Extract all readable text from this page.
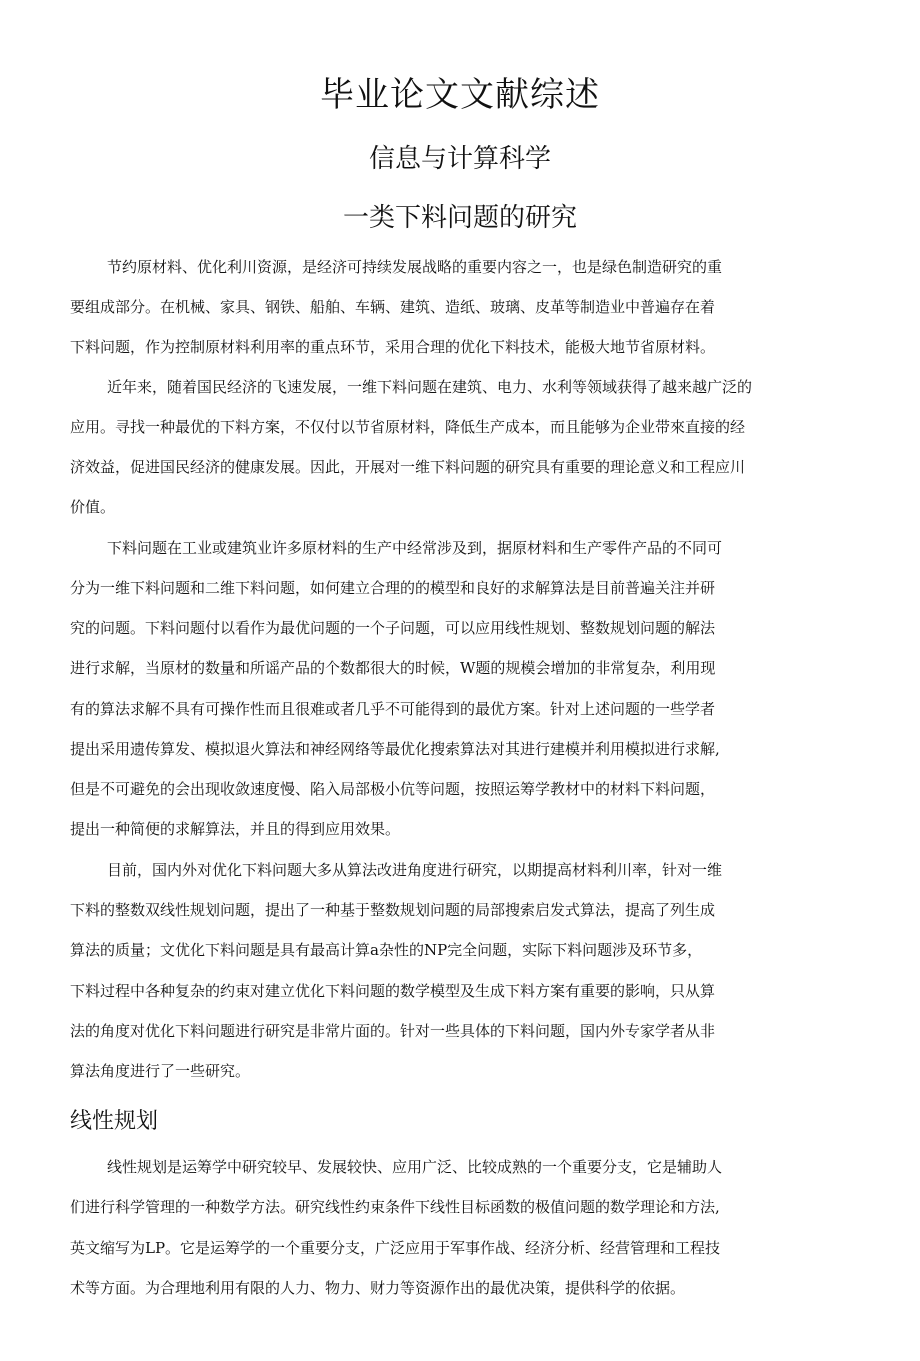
毕业论文文献综述
信息与计算科学
一类下料问题的研究
节约原材料、优化利川资源，是经济可持续发展战略的重要内容之一，也是绿色制造研究的重
要组成部分。在机械、家具、钢铁、船舶、车辆、建筑、造纸、玻璃、皮革等制造业中普遍存在着
下料问题，作为控制原材料利用率的重点环节，采用合理的优化下料技术，能极大地节省原材料。
近年来，随着国民经济的飞速发展，一维下料问题在建筑、电力、水利等领域获得了越来越广泛的
应用。寻找一种最优的下料方案，不仅付以节省原材料，降低生产成本，而且能够为企业带來直接的经
济效益，促进国民经济的健康发展。因此，开展对一维下料问题的研究具有重要的理论意义和工程应川
价值。
下料问题在工业或建筑业许多原材料的生产中经常涉及到，据原材料和生产零件产品的不同可
分为一维下料问题和二维下料问题，如何建立合理的的模型和良好的求解算法是目前普遍关注并研
究的问题。下料问题付以看作为最优问题的一个子问题，可以应用线性规划、整数规划问题的解法
进行求解，当原材的数量和所谣产品的个数都很大的时候，W题的规模会增加的非常复杂，利用现
有的算法求解不具有可操作性而且很难或者几乎不可能得到的最优方案。针对上述问题的一些学者
提出采用遗传算发、模拟退火算法和神经网络等最优化搜索算法对其进行建模并利用模拟进行求解,
但是不可避免的会出现收敛速度慢、陷入局部极小伉等问题，按照运筹学教材中的材料下料问题，
提出一种简便的求解算法，并且的得到应用效果。
目前，国内外对优化下料问题大多从算法改进角度进行研究，以期提高材料利川率，针对一维
下料的整数双线性规划问题，提出了一种基于整数规划问题的局部搜索启发式算法，提高了列生成
算法的质量；文优化下料问题是具有最高计算a杂性的NP完全问题，实际下料问题涉及环节多，
下料过程中各种复杂的约束对建立优化下料问题的数学模型及生成下料方案有重要的影响，只从算
法的角度对优化下料问题进行研究是非常片面的。针对一些具体的下料问题，国内外专家学者从非
算法角度进行了一些研究。
线性规划
线性规划是运筹学中研究较早、发展较快、应用广泛、比较成熟的一个重要分支，它是辅助人
们进行科学管理的一种数学方法。研究线性约束条件下线性目标函数的极值问题的数学理论和方法,
英文缩写为LP。它是运筹学的一个重要分支，广泛应用于军事作战、经济分析、经营管理和工程技
术等方面。为合理地利用有限的人力、物力、财力等资源作出的最优决策，提供科学的依据。
